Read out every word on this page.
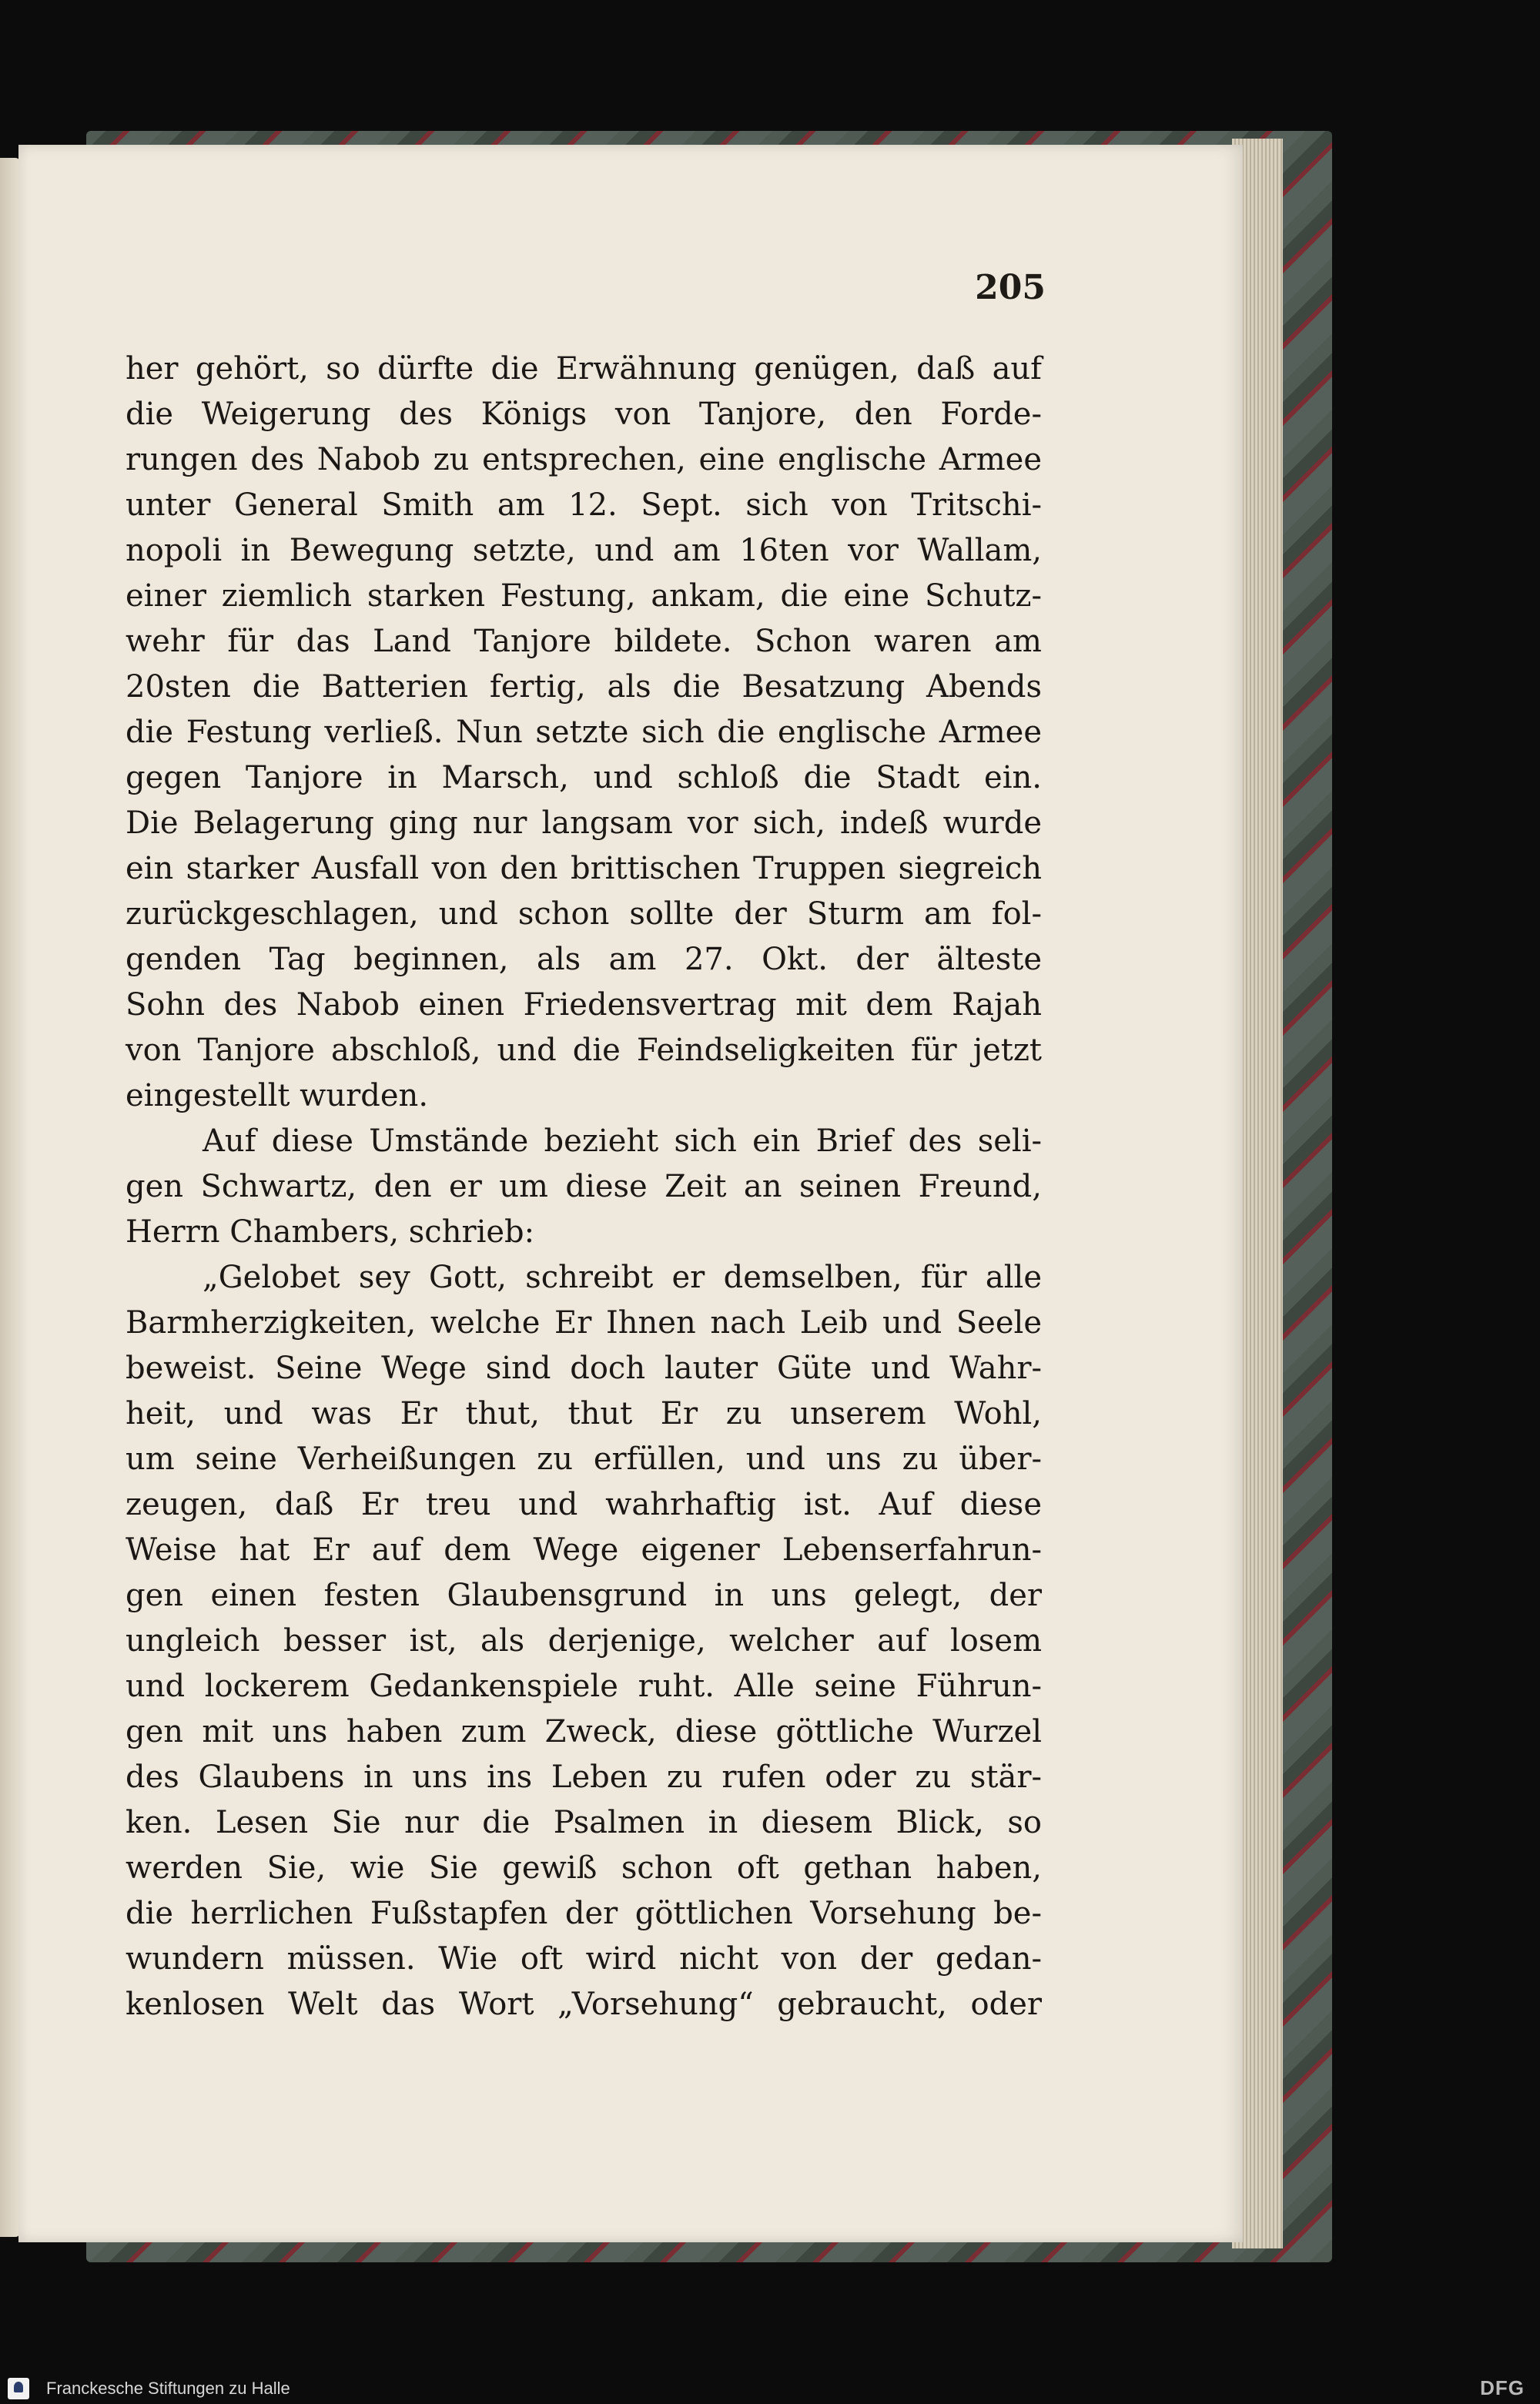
205
her gehört, so dürfte die Erwähnung genügen, daß auf
die Weigerung des Königs von Tanjore, den Forde-
rungen des Nabob zu entsprechen, eine englische Armee
unter General Smith am 12. Sept. sich von Tritschi-
nopoli in Bewegung setzte, und am 16ten vor Wallam,
einer ziemlich starken Festung, ankam, die eine Schutz-
wehr für das Land Tanjore bildete. Schon waren am
20sten die Batterien fertig, als die Besatzung Abends
die Festung verließ. Nun setzte sich die englische Armee
gegen Tanjore in Marsch, und schloß die Stadt ein.
Die Belagerung ging nur langsam vor sich, indeß wurde
ein starker Ausfall von den brittischen Truppen siegreich
zurückgeschlagen, und schon sollte der Sturm am fol-
genden Tag beginnen, als am 27. Okt. der älteste
Sohn des Nabob einen Friedensvertrag mit dem Rajah
von Tanjore abschloß, und die Feindseligkeiten für jetzt
eingestellt wurden.
Auf diese Umstände bezieht sich ein Brief des seli-
gen Schwartz, den er um diese Zeit an seinen Freund,
Herrn Chambers, schrieb:
„Gelobet sey Gott, schreibt er demselben, für alle
Barmherzigkeiten, welche Er Ihnen nach Leib und Seele
beweist. Seine Wege sind doch lauter Güte und Wahr-
heit, und was Er thut, thut Er zu unserem Wohl,
um seine Verheißungen zu erfüllen, und uns zu über-
zeugen, daß Er treu und wahrhaftig ist. Auf diese
Weise hat Er auf dem Wege eigener Lebenserfahrun-
gen einen festen Glaubensgrund in uns gelegt, der
ungleich besser ist, als derjenige, welcher auf losem
und lockerem Gedankenspiele ruht. Alle seine Führun-
gen mit uns haben zum Zweck, diese göttliche Wurzel
des Glaubens in uns ins Leben zu rufen oder zu stär-
ken. Lesen Sie nur die Psalmen in diesem Blick, so
werden Sie, wie Sie gewiß schon oft gethan haben,
die herrlichen Fußstapfen der göttlichen Vorsehung be-
wundern müssen. Wie oft wird nicht von der gedan-
kenlosen Welt das Wort „Vorsehung“ gebraucht, oder
Franckesche Stiftungen zu Halle	DFG
